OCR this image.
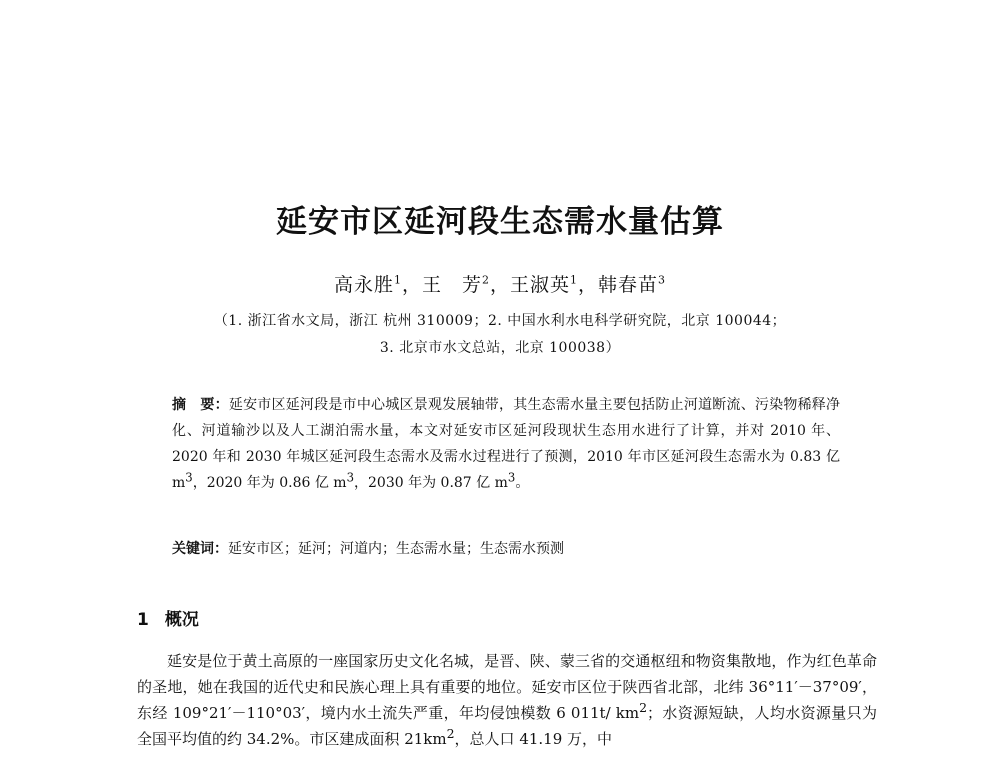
延安市区延河段生态需水量估算
高永胜$^1$，王　芳$^2$，王淑英$^1$，韩春苗$^3$
（1. 浙江省水文局，浙江 杭州 310009；2. 中国水利水电科学研究院，北京 100044；
3. 北京市水文总站，北京 100038）
摘　要：延安市区延河段是市中心城区景观发展轴带，其生态需水量主要包括防止河道断流、污染物稀释净化、河道输沙以及人工湖泊需水量，本文对延安市区延河段现状生态用水进行了计算，并对 2010 年、2020 年和 2030 年城区延河段生态需水及需水过程进行了预测，2010 年市区延河段生态需水为 0.83 亿 $m^3$，2020 年为 0.86 亿 $m^3$，2030 年为 0.87 亿 $m^3$。
关键词：延安市区；延河；河道内；生态需水量；生态需水预测
1 概况
延安是位于黄土高原的一座国家历史文化名城，是晋、陕、蒙三省的交通枢纽和物资集散地，作为红色革命的圣地，她在我国的近代史和民族心理上具有重要的地位。延安市区位于陕西省北部，北纬 36°11′－37°09′，东经 109°21′－110°03′，境内水土流失严重，年均侵蚀模数 6 011t/ $km^2$；水资源短缺，人均水资源量只为全国平均值的约 34.2%。市区建成面积 $21km^2$，总人口 41.19 万，中
